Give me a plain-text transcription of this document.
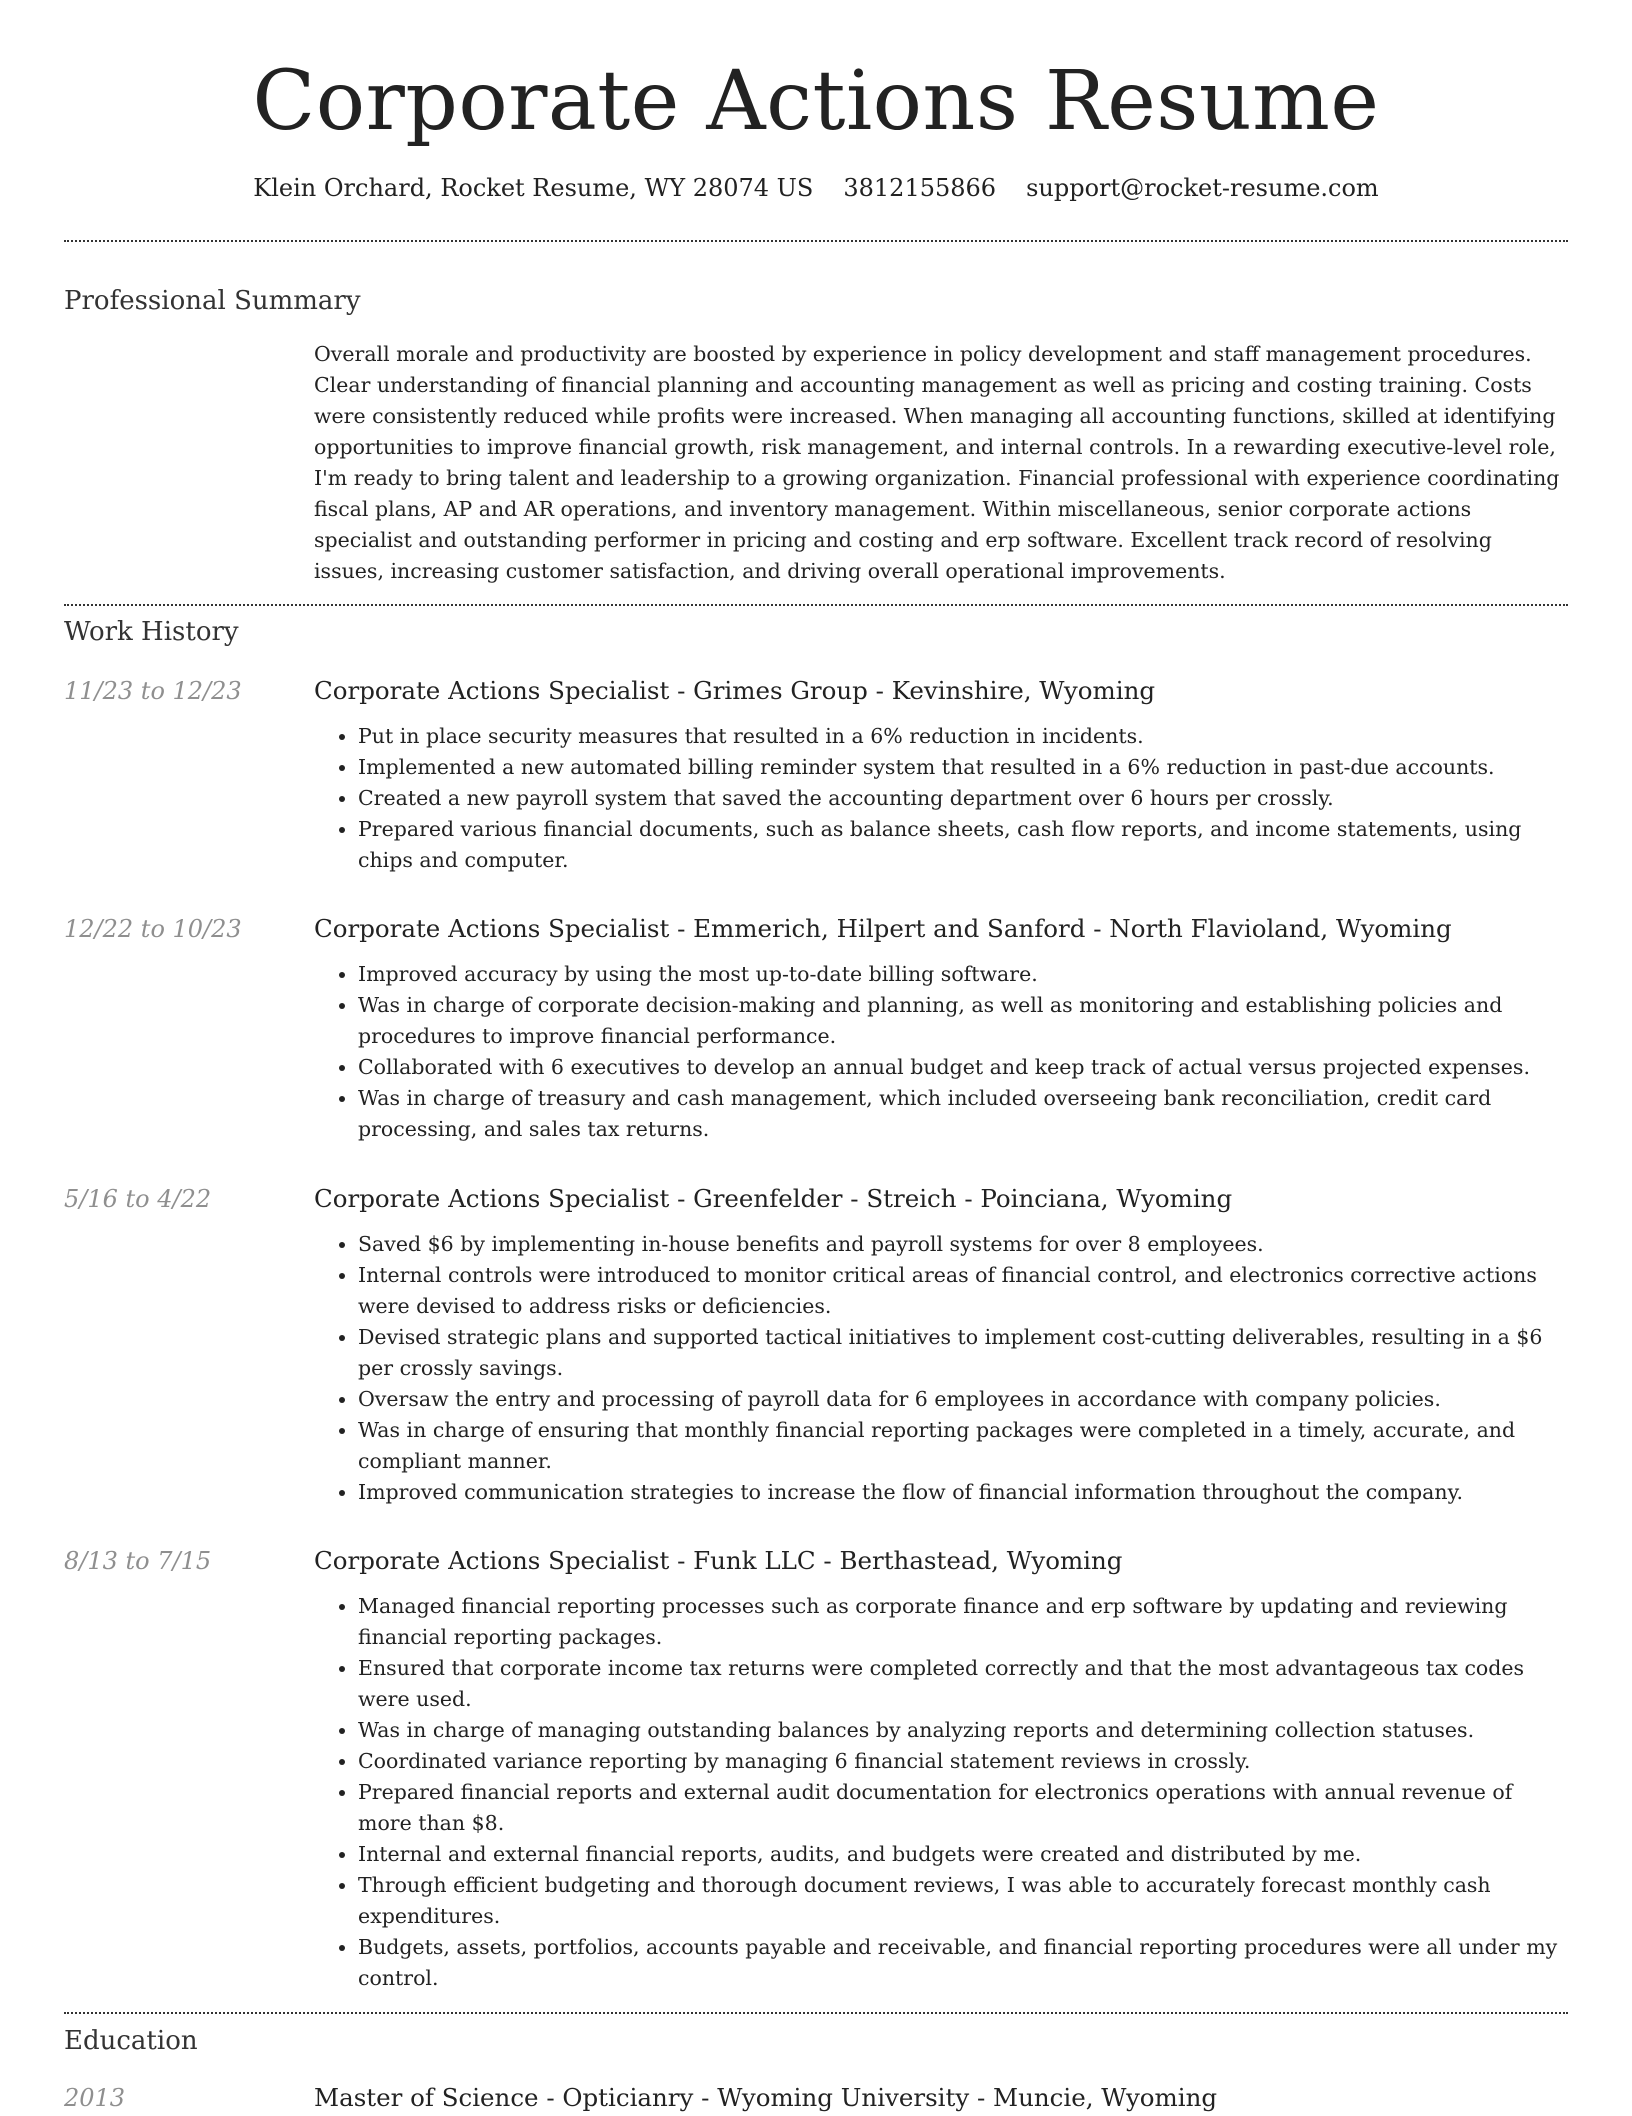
Corporate Actions Resume
Klein Orchard, Rocket Resume, WY 28074 US 3812155866 support@rocket-resume.com
Professional Summary
Overall morale and productivity are boosted by experience in policy development and staff management procedures. Clear understanding of financial planning and accounting management as well as pricing and costing training. Costs were consistently reduced while profits were increased. When managing all accounting functions, skilled at identifying opportunities to improve financial growth, risk management, and internal controls. In a rewarding executive-level role, I'm ready to bring talent and leadership to a growing organization. Financial professional with experience coordinating fiscal plans, AP and AR operations, and inventory management. Within miscellaneous, senior corporate actions specialist and outstanding performer in pricing and costing and erp software. Excellent track record of resolving issues, increasing customer satisfaction, and driving overall operational improvements.
Work History
11/23 to 12/23	Corporate Actions Specialist - Grimes Group - Kevinshire, Wyoming
• Put in place security measures that resulted in a 6% reduction in incidents.
• Implemented a new automated billing reminder system that resulted in a 6% reduction in past-due accounts.
• Created a new payroll system that saved the accounting department over 6 hours per crossly.
• Prepared various financial documents, such as balance sheets, cash flow reports, and income statements, using chips and computer.
12/22 to 10/23	Corporate Actions Specialist - Emmerich, Hilpert and Sanford - North Flavioland, Wyoming
• Improved accuracy by using the most up-to-date billing software.
• Was in charge of corporate decision-making and planning, as well as monitoring and establishing policies and procedures to improve financial performance.
• Collaborated with 6 executives to develop an annual budget and keep track of actual versus projected expenses.
• Was in charge of treasury and cash management, which included overseeing bank reconciliation, credit card processing, and sales tax returns.
5/16 to 4/22	Corporate Actions Specialist - Greenfelder - Streich - Poinciana, Wyoming
• Saved $6 by implementing in-house benefits and payroll systems for over 8 employees.
• Internal controls were introduced to monitor critical areas of financial control, and electronics corrective actions were devised to address risks or deficiencies.
• Devised strategic plans and supported tactical initiatives to implement cost-cutting deliverables, resulting in a $6 per crossly savings.
• Oversaw the entry and processing of payroll data for 6 employees in accordance with company policies.
• Was in charge of ensuring that monthly financial reporting packages were completed in a timely, accurate, and compliant manner.
• Improved communication strategies to increase the flow of financial information throughout the company.
8/13 to 7/15	Corporate Actions Specialist - Funk LLC - Berthastead, Wyoming
• Managed financial reporting processes such as corporate finance and erp software by updating and reviewing financial reporting packages.
• Ensured that corporate income tax returns were completed correctly and that the most advantageous tax codes were used.
• Was in charge of managing outstanding balances by analyzing reports and determining collection statuses.
• Coordinated variance reporting by managing 6 financial statement reviews in crossly.
• Prepared financial reports and external audit documentation for electronics operations with annual revenue of more than $8.
• Internal and external financial reports, audits, and budgets were created and distributed by me.
• Through efficient budgeting and thorough document reviews, I was able to accurately forecast monthly cash expenditures.
• Budgets, assets, portfolios, accounts payable and receivable, and financial reporting procedures were all under my control.
Education
2013	Master of Science - Opticianry - Wyoming University - Muncie, Wyoming
